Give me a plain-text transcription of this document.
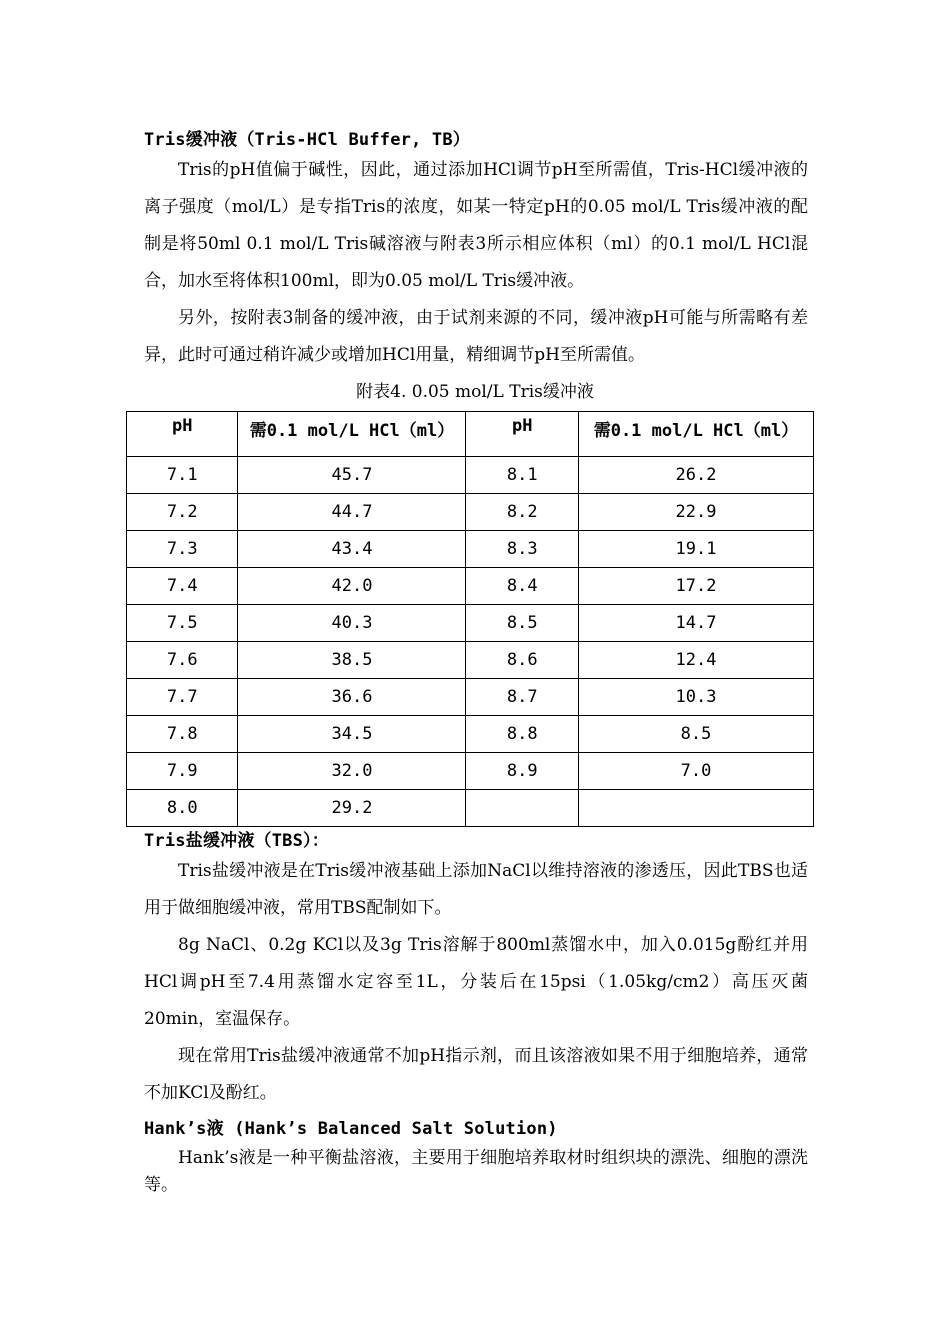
Tris缓冲液（Tris-HCl Buffer, TB）

Tris的pH值偏于碱性，因此，通过添加HCl调节pH至所需值，Tris-HCl缓冲液的离子强度（mol/L）是专指Tris的浓度，如某一特定pH的0.05 mol/L Tris缓冲液的配制是将50ml 0.1 mol/L Tris碱溶液与附表3所示相应体积（ml）的0.1 mol/L HCl混合，加水至将体积100ml，即为0.05 mol/L Tris缓冲液。

另外，按附表3制备的缓冲液，由于试剂来源的不同，缓冲液pH可能与所需略有差异，此时可通过稍许减少或增加HCl用量，精细调节pH至所需值。

附表4. 0.05 mol/L Tris缓冲液
pH	需0.1 mol/L HCl（ml）	pH	需0.1 mol/L HCl（ml）
7.1	45.7	8.1	26.2
7.2	44.7	8.2	22.9
7.3	43.4	8.3	19.1
7.4	42.0	8.4	17.2
7.5	40.3	8.5	14.7
7.6	38.5	8.6	12.4
7.7	36.6	8.7	10.3
7.8	34.5	8.8	8.5
7.9	32.0	8.9	7.0
8.0	29.2		
Tris盐缓冲液（TBS）：

Tris盐缓冲液是在Tris缓冲液基础上添加NaCl以维持溶液的渗透压，因此TBS也适用于做细胞缓冲液，常用TBS配制如下。

8g NaCl、0.2g KCl以及3g Tris溶解于800ml蒸馏水中，加入0.015g酚红并用HCl调pH至7.4用蒸馏水定容至1L，分装后在15psi（1.05kg/cm2）高压灭菌20min，室温保存。

现在常用Tris盐缓冲液通常不加pH指示剂，而且该溶液如果不用于细胞培养，通常不加KCl及酚红。

Hank’s液 (Hank’s Balanced Salt Solution)

Hank’s液是一种平衡盐溶液，主要用于细胞培养取材时组织块的漂洗、细胞的漂洗等。
